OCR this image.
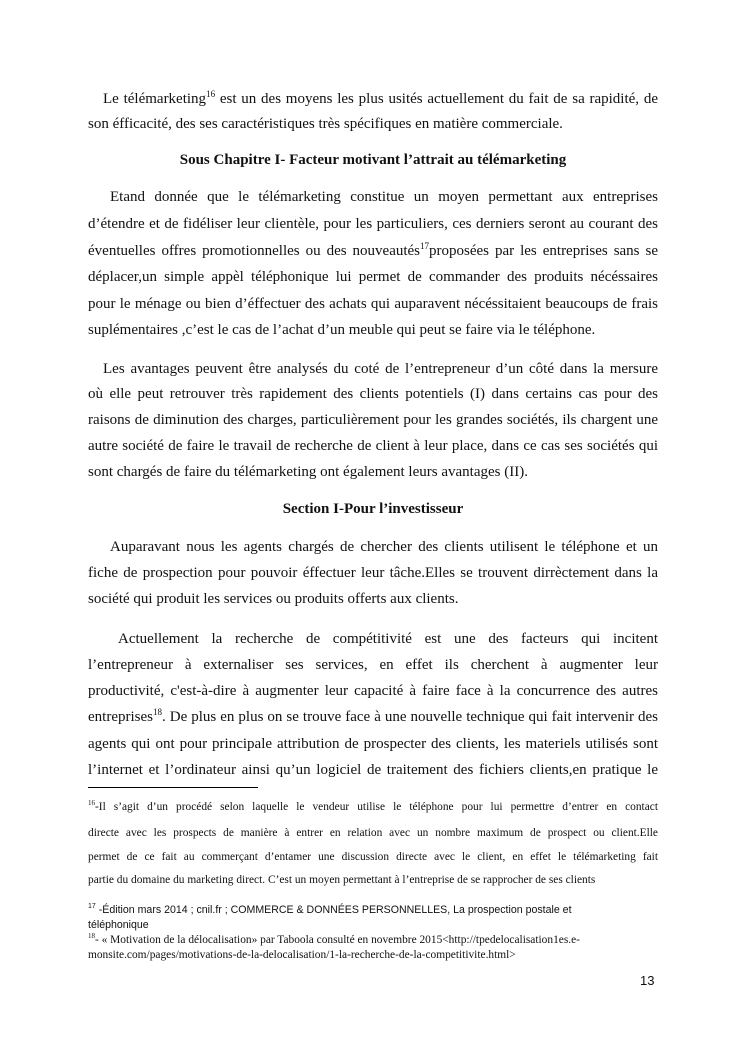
Le télémarketing$^{16}$ est un des moyens les plus usités actuellement du fait de sa rapidité, de
son éfficacité, des ses caractéristiques très spécifiques en matière commerciale.
Sous Chapitre I- Facteur motivant l’attrait au télémarketing
Etand donnée que le télémarketing constitue un moyen permettant aux entreprises
d’étendre et de fidéliser leur clientèle, pour les particuliers, ces derniers seront au courant des
éventuelles offres promotionnelles ou des nouveautés$^{17}$proposées par les entreprises sans se
déplacer,un simple appèl téléphonique lui permet de commander des produits nécéssaires
pour le ménage ou bien d’éffectuer des achats qui auparavent nécéssitaient beaucoups de frais
suplémentaires ,c’est le cas de l’achat d’un meuble qui peut se faire via le téléphone.
Les avantages peuvent être analysés du coté de l’entrepreneur d’un côté dans la mersure
où elle peut retrouver très rapidement des clients potentiels (I) dans certains cas pour des
raisons de diminution des charges, particulièrement pour les grandes sociétés, ils chargent une
autre société de faire le travail de recherche de client à leur place, dans ce cas ses sociétés qui
sont chargés de faire du télémarketing ont également leurs avantages (II).
Section I-Pour l’investisseur
Auparavant nous les agents chargés de chercher des clients utilisent le téléphone et un
fiche de prospection pour pouvoir éffectuer leur tâche.Elles se trouvent dirrèctement dans la
société qui produit les services ou produits offerts aux clients.
Actuellement la recherche de compétitivité est une des facteurs qui incitent
l’entrepreneur à externaliser ses services, en effet ils cherchent à augmenter leur
productivité, c'est-à-dire à augmenter leur capacité à faire face à la concurrence des autres
entreprises$^{18}$. De plus en plus on se trouve face à une nouvelle technique qui fait intervenir des
agents qui ont pour principale attribution de prospecter des clients, les materiels utilisés sont
l’internet et l’ordinateur ainsi qu’un logiciel de traitement des fichiers clients,en pratique le
$^{16}$-Il s’agit d’un procédé selon laquelle le vendeur utilise le téléphone pour lui permettre d’entrer en contact
directe avec les prospects de manière à entrer en relation avec un nombre maximum de prospect ou client.Elle
permet de ce fait au commerçant d’entamer une discussion directe avec le client, en effet le télémarketing fait
partie du domaine du marketing direct. C’est un moyen permettant à l’entreprise de se rapprocher de ses clients
$^{17}$ -Édition mars 2014 ; cnil.fr ; COMMERCE & DONNÉES PERSONNELLES, La prospection postale et
téléphonique
$^{18}$- « Motivation de la délocalisation» par Taboola consulté en novembre 2015<http://tpedelocalisation1es.e-
monsite.com/pages/motivations-de-la-delocalisation/1-la-recherche-de-la-competitivite.html>
13
